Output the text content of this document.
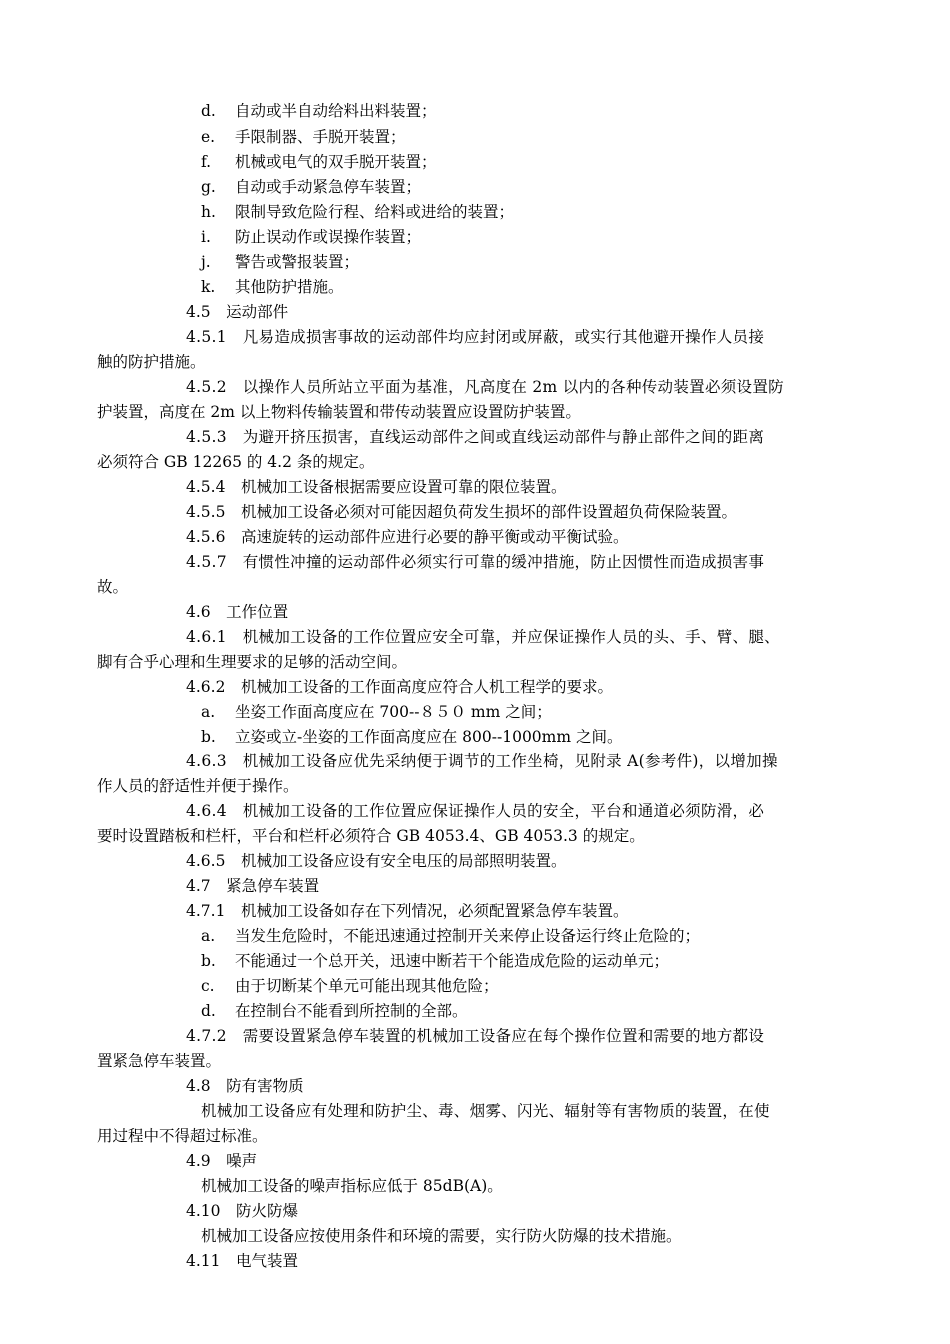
d. 自动或半自动给料出料装置；
e. 手限制器、手脱开装置；
f. 机械或电气的双手脱开装置；
g. 自动或手动紧急停车装置；
h. 限制导致危险行程、给料或进给的装置；
i. 防止误动作或误操作装置；
j. 警告或警报装置；
k. 其他防护措施。
4.5　运动部件
4.5.1　凡易造成损害事故的运动部件均应封闭或屏蔽，或实行其他避开操作人员接
触的防护措施。
4.5.2　以操作人员所站立平面为基准，凡高度在 2m 以内的各种传动装置必须设置防
护装置，高度在 2m 以上物料传输装置和带传动装置应设置防护装置。
4.5.3　为避开挤压损害，直线运动部件之间或直线运动部件与静止部件之间的距离
必须符合 GB 12265 的 4.2 条的规定。
4.5.4　机械加工设备根据需要应设置可靠的限位装置。
4.5.5　机械加工设备必须对可能因超负荷发生损坏的部件设置超负荷保险装置。
4.5.6　高速旋转的运动部件应进行必要的静平衡或动平衡试验。
4.5.7　有惯性冲撞的运动部件必须实行可靠的缓冲措施，防止因惯性而造成损害事
故。
4.6　工作位置
4.6.1　机械加工设备的工作位置应安全可靠，并应保证操作人员的头、手、臂、腿、
脚有合乎心理和生理要求的足够的活动空间。
4.6.2　机械加工设备的工作面高度应符合人机工程学的要求。
a. 坐姿工作面高度应在 700--８５０ mm 之间；
b. 立姿或立-坐姿的工作面高度应在 800--1000mm 之间。
4.6.3　机械加工设备应优先采纳便于调节的工作坐椅，见附录 A(参考件)，以增加操
作人员的舒适性并便于操作。
4.6.4　机械加工设备的工作位置应保证操作人员的安全，平台和通道必须防滑，必
要时设置踏板和栏杆，平台和栏杆必须符合 GB 4053.4、GB 4053.3 的规定。
4.6.5　机械加工设备应设有安全电压的局部照明装置。
4.7　紧急停车装置
4.7.1　机械加工设备如存在下列情况，必须配置紧急停车装置。
a. 当发生危险时，不能迅速通过控制开关来停止设备运行终止危险的；
b. 不能通过一个总开关，迅速中断若干个能造成危险的运动单元；
c. 由于切断某个单元可能出现其他危险；
d. 在控制台不能看到所控制的全部。
4.7.2　需要设置紧急停车装置的机械加工设备应在每个操作位置和需要的地方都设
置紧急停车装置。
4.8　防有害物质
机械加工设备应有处理和防护尘、毒、烟雾、闪光、辐射等有害物质的装置，在使
用过程中不得超过标准。
4.9　噪声
机械加工设备的噪声指标应低于 85dB(A)。
4.10　防火防爆
机械加工设备应按使用条件和环境的需要，实行防火防爆的技术措施。
4.11　电气装置
